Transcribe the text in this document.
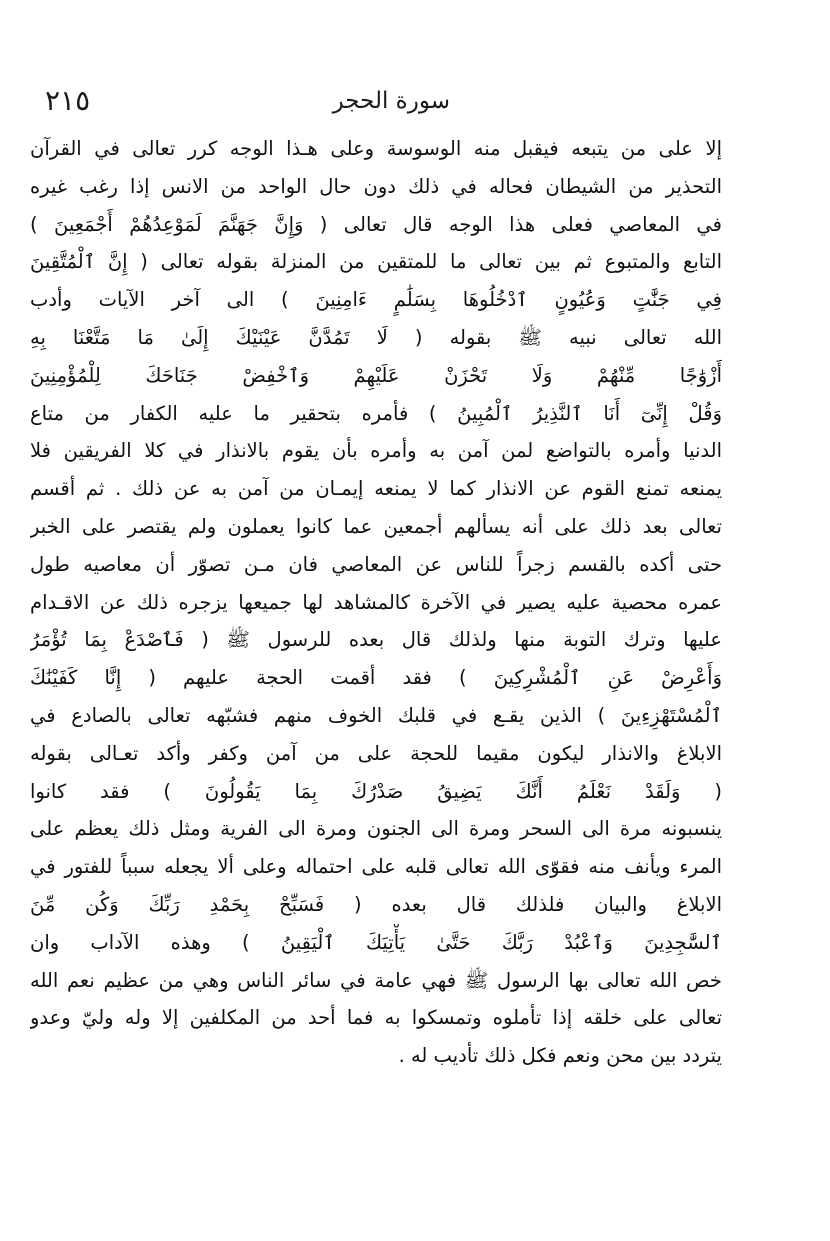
سورة الحجر
٢١٥
إلا على من يتبعه فيقبل منه الوسوسة وعلى هـذا الوجه كرر تعالى في القرآن
التحذير من الشيطان فحاله في ذلك دون حال الواحد من الانس إذا رغب غيره
في المعاصي فعلى هذا الوجه قال تعالى ( وَإِنَّ جَهَنَّمَ لَمَوْعِدُهُمْ أَجْمَعِينَ )
التابع والمتبوع ثم بين تعالى ما للمتقين من المنزلة بقوله تعالى ( إِنَّ ٱلْمُتَّقِينَ
فِي جَنَّٰتٍ وَعُيُونٍ ٱدْخُلُوهَا بِسَلَٰمٍ ءَامِنِينَ ) الى آخر الآيات وأدب
الله تعالى نبيه ﷺ بقوله ( لَا تَمُدَّنَّ عَيْنَيْكَ إِلَىٰ مَا مَتَّعْنَا بِهِ
أَزْوَٰجًا مِّنْهُمْ وَلَا تَحْزَنْ عَلَيْهِمْ وَٱخْفِضْ جَنَاحَكَ لِلْمُؤْمِنِينَ
وَقُلْ إِنِّىٓ أَنَا ٱلنَّذِيرُ ٱلْمُبِينُ ) فأمره بتحقير ما عليه الكفار من متاع
الدنيا وأمره بالتواضع لمن آمن به وأمره بأن يقوم بالانذار في كلا الفريقين فلا
يمنعه تمنع القوم عن الانذار كما لا يمنعه إيمـان من آمن به عن ذلك . ثم أقسم
تعالى بعد ذلك على أنه يسألهم أجمعين عما كانوا يعملون ولم يقتصر على الخبر
حتى أكده بالقسم زجراً للناس عن المعاصي فان مـن تصوّر أن معاصيه طول
عمره محصية عليه يصير في الآخرة كالمشاهد لها جميعها يزجره ذلك عن الاقـدام
عليها وترك التوبة منها ولذلك قال بعده للرسول ﷺ ( فَٱصْدَعْ بِمَا تُؤْمَرُ
وَأَعْرِضْ عَنِ ٱلْمُشْرِكِينَ ) فقد أقمت الحجة عليهم ( إِنَّا كَفَيْنَٰكَ
ٱلْمُسْتَهْزِءِينَ ) الذين يقـع في قلبك الخوف منهم فشبّهه تعالى بالصادع في
الابلاغ والانذار ليكون مقيما للحجة على من آمن وكفر وأكد تعـالى بقوله
( وَلَقَدْ نَعْلَمُ أَنَّكَ يَضِيقُ صَدْرُكَ بِمَا يَقُولُونَ ) فقد كانوا
ينسبونه مرة الى السحر ومرة الى الجنون ومرة الى الفرية ومثل ذلك يعظم على
المرء ويأنف منه فقوّى الله تعالى قلبه على احتماله وعلى ألا يجعله سبباً للفتور في
الابلاغ والبيان فلذلك قال بعده ( فَسَبِّحْ بِحَمْدِ رَبِّكَ وَكُن مِّنَ
ٱلسَّٰجِدِينَ وَٱعْبُدْ رَبَّكَ حَتَّىٰ يَأْتِيَكَ ٱلْيَقِينُ ) وهذه الآداب وان
خص الله تعالى بها الرسول ﷺ فهي عامة في سائر الناس وهي من عظيم نعم الله
تعالى على خلقه إذا تأملوه وتمسكوا به فما أحد من المكلفين إلا وله وليّ وعدو
يتردد بين محن ونعم فكل ذلك تأديب له .
